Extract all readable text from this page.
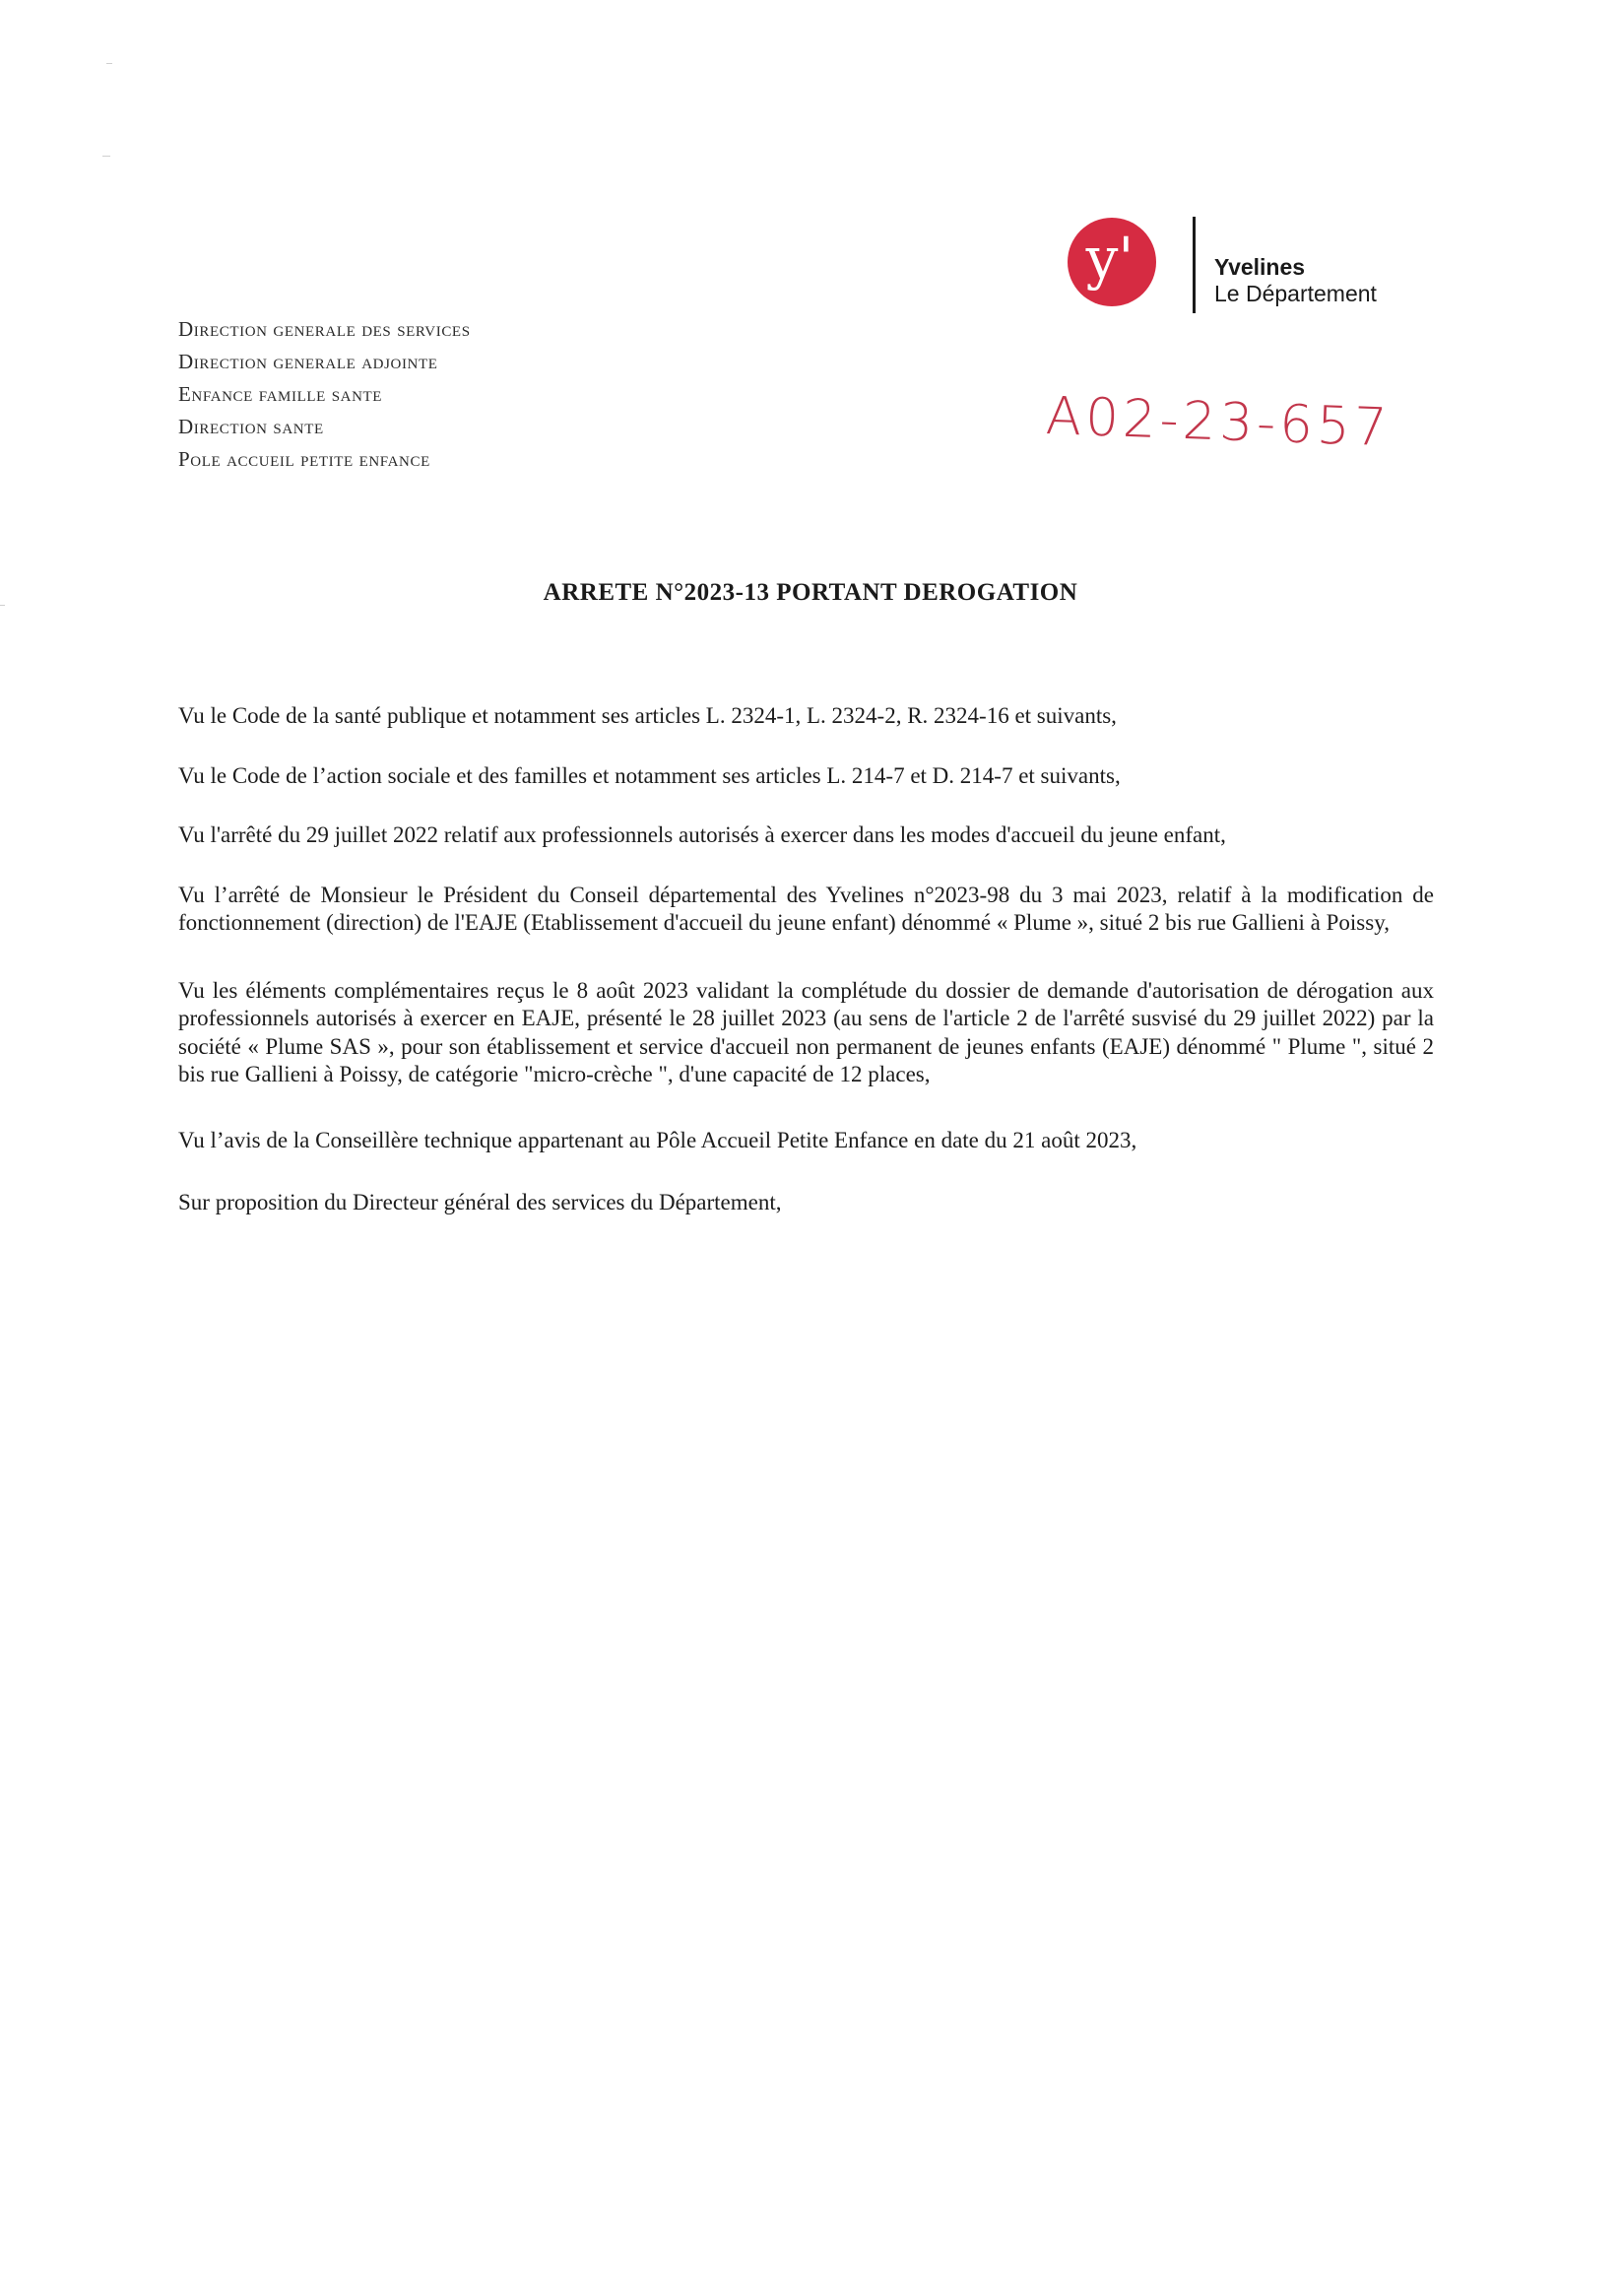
Direction generale des services
Direction generale adjointe
Enfance famille sante
Direction sante
Pole accueil petite enfance
y'	Yvelines
Le Département
A02-23-657
ARRETE N°2023-13 PORTANT DEROGATION

Vu le Code de la santé publique et notamment ses articles L. 2324-1, L. 2324-2, R. 2324-16 et suivants,

Vu le Code de l’action sociale et des familles et notamment ses articles L. 214-7 et D. 214-7 et suivants,

Vu l'arrêté du 29 juillet 2022 relatif aux professionnels autorisés à exercer dans les modes d'accueil du jeune enfant,

Vu l’arrêté de Monsieur le Président du Conseil départemental des Yvelines n°2023-98 du 3 mai 2023, relatif à la modification de fonctionnement (direction) de l'EAJE (Etablissement d'accueil du jeune enfant) dénommé « Plume », situé 2 bis rue Gallieni à Poissy,

Vu les éléments complémentaires reçus le 8 août 2023 validant la complétude du dossier de demande d'autorisation de dérogation aux professionnels autorisés à exercer en EAJE, présenté le 28 juillet 2023 (au sens de l'article 2 de l'arrêté susvisé du 29 juillet 2022) par la société « Plume SAS », pour son établissement et service d'accueil non permanent de jeunes enfants (EAJE) dénommé " Plume ", situé 2 bis rue Gallieni à Poissy, de catégorie "micro-crèche ", d'une capacité de 12 places,

Vu l’avis de la Conseillère technique appartenant au Pôle Accueil Petite Enfance en date du 21 août 2023,

Sur proposition du Directeur général des services du Département,
